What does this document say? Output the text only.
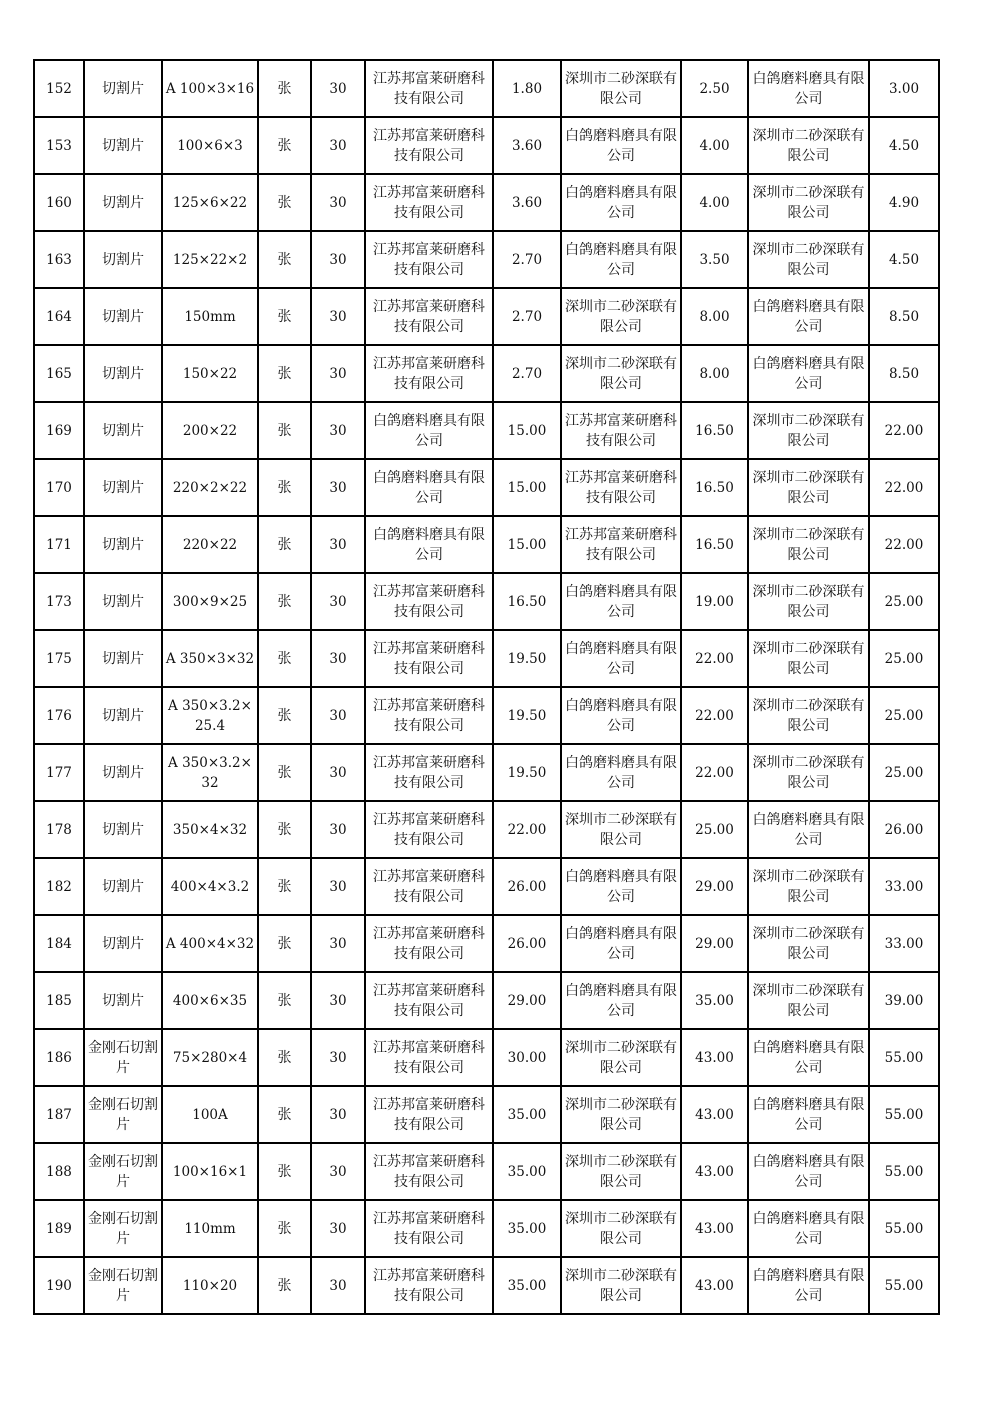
152	切割片	A 100×3×16	张	30	江苏邦富莱研磨科技有限公司	1.80	深圳市二砂深联有限公司	2.50	白鸽磨料磨具有限公司	3.00
153	切割片	100×6×3	张	30	江苏邦富莱研磨科技有限公司	3.60	白鸽磨料磨具有限公司	4.00	深圳市二砂深联有限公司	4.50
160	切割片	125×6×22	张	30	江苏邦富莱研磨科技有限公司	3.60	白鸽磨料磨具有限公司	4.00	深圳市二砂深联有限公司	4.90
163	切割片	125×22×2	张	30	江苏邦富莱研磨科技有限公司	2.70	白鸽磨料磨具有限公司	3.50	深圳市二砂深联有限公司	4.50
164	切割片	150mm	张	30	江苏邦富莱研磨科技有限公司	2.70	深圳市二砂深联有限公司	8.00	白鸽磨料磨具有限公司	8.50
165	切割片	150×22	张	30	江苏邦富莱研磨科技有限公司	2.70	深圳市二砂深联有限公司	8.00	白鸽磨料磨具有限公司	8.50
169	切割片	200×22	张	30	白鸽磨料磨具有限公司	15.00	江苏邦富莱研磨科技有限公司	16.50	深圳市二砂深联有限公司	22.00
170	切割片	220×2×22	张	30	白鸽磨料磨具有限公司	15.00	江苏邦富莱研磨科技有限公司	16.50	深圳市二砂深联有限公司	22.00
171	切割片	220×22	张	30	白鸽磨料磨具有限公司	15.00	江苏邦富莱研磨科技有限公司	16.50	深圳市二砂深联有限公司	22.00
173	切割片	300×9×25	张	30	江苏邦富莱研磨科技有限公司	16.50	白鸽磨料磨具有限公司	19.00	深圳市二砂深联有限公司	25.00
175	切割片	A 350×3×32	张	30	江苏邦富莱研磨科技有限公司	19.50	白鸽磨料磨具有限公司	22.00	深圳市二砂深联有限公司	25.00
176	切割片	A 350×3.2×25.4	张	30	江苏邦富莱研磨科技有限公司	19.50	白鸽磨料磨具有限公司	22.00	深圳市二砂深联有限公司	25.00
177	切割片	A 350×3.2×32	张	30	江苏邦富莱研磨科技有限公司	19.50	白鸽磨料磨具有限公司	22.00	深圳市二砂深联有限公司	25.00
178	切割片	350×4×32	张	30	江苏邦富莱研磨科技有限公司	22.00	深圳市二砂深联有限公司	25.00	白鸽磨料磨具有限公司	26.00
182	切割片	400×4×3.2	张	30	江苏邦富莱研磨科技有限公司	26.00	白鸽磨料磨具有限公司	29.00	深圳市二砂深联有限公司	33.00
184	切割片	A 400×4×32	张	30	江苏邦富莱研磨科技有限公司	26.00	白鸽磨料磨具有限公司	29.00	深圳市二砂深联有限公司	33.00
185	切割片	400×6×35	张	30	江苏邦富莱研磨科技有限公司	29.00	白鸽磨料磨具有限公司	35.00	深圳市二砂深联有限公司	39.00
186	金刚石切割片	75×280×4	张	30	江苏邦富莱研磨科技有限公司	30.00	深圳市二砂深联有限公司	43.00	白鸽磨料磨具有限公司	55.00
187	金刚石切割片	100A	张	30	江苏邦富莱研磨科技有限公司	35.00	深圳市二砂深联有限公司	43.00	白鸽磨料磨具有限公司	55.00
188	金刚石切割片	100×16×1	张	30	江苏邦富莱研磨科技有限公司	35.00	深圳市二砂深联有限公司	43.00	白鸽磨料磨具有限公司	55.00
189	金刚石切割片	110mm	张	30	江苏邦富莱研磨科技有限公司	35.00	深圳市二砂深联有限公司	43.00	白鸽磨料磨具有限公司	55.00
190	金刚石切割片	110×20	张	30	江苏邦富莱研磨科技有限公司	35.00	深圳市二砂深联有限公司	43.00	白鸽磨料磨具有限公司	55.00
